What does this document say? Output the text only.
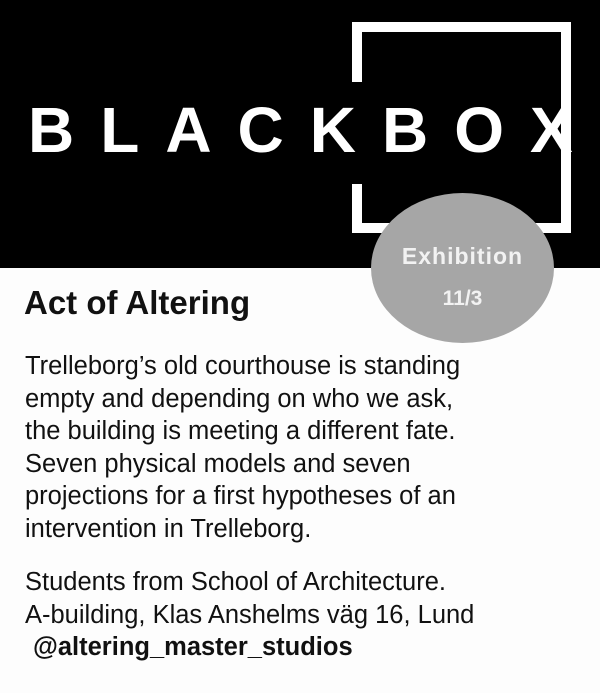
BLACKBOX
Exhibition
11/3
Act of Altering

Trelleborg’s old courthouse is standing

empty and depending on who we ask,

the building is meeting a different fate.

Seven physical models and seven

projections for a first hypotheses of an

intervention in Trelleborg.

Students from School of Architecture.
A-building, Klas Anshelms väg 16, Lund
@altering_master_studios
